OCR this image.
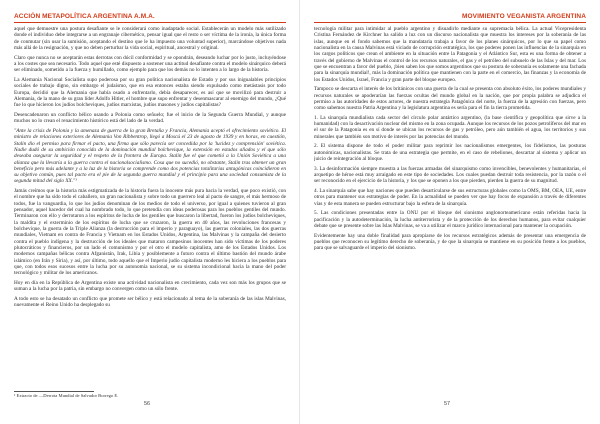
ACCIÓN METAPOLÍTICA ARGENTINA A.M.A.

aquel que demuestre una postura desafiante se le considerará como inadaptado social. Establecerán un modelo más sutilizado donde el individuo debe integrarse a un engranaje cibernético, pensar igual que el resto o ser víctima de la ironía, la única forma de conmutar (sin usar la sumisión, aceptando el destino que le ha impuesto una voluntad superior), marcándose objetivos nada más allá de la resignación, y que no deben perturbar la vida social, espiritual, ancestral y original.

Claro que nunca no se aceptarán estas derrotas con dócil conformidad y se opondrán, deseando luchar por lo justo, incluyéndose a los costes que sea necesario. Todo aquel que esté dispuesto a sostener una actitud desafiante contra el modelo sinárquico deberá ser eliminado, sometido a la fuerza y humillado, como ejemplo para que los demás no lo intenten a lo largo de la historia.

La Alemania Nacional Socialista supo poderosa por su gran política nacionalista de Estado y por sus inigualables principios sociales de trabajo digno, sin embargo el judaísmo, que en esa entonces estaba siendo expulsado como metástasis por todo Europa, decidió que la Alemania que había osado a enfrentarlo, debía desaparecer, es así que se movilizó para destruir a Alemania, de la mano de su gran líder Adolfo Hitler, el hombre que supo enfrentar y desenmascarar al enemigo del mundo, ¿Qué fue lo que hicieron los judíos bolcheviques, judíos marxistas, judíos masones y judíos capitalistas?

Desencadenaron un conflicto bélico usando a Polonia como señuelo; fue el inicio de la Segunda Guerra Mundial, y aunque muchos no lo crean el renacimiento histórico está del lado de la verdad.

"Ante la crisis de Polonia y la amenaza de guerra de la gran Bretaña y Francia, Alemania aceptó el ofrecimiento soviético. El ministro de relaciones exteriores de Alemania Von Ribbentrop, llegó a Moscú el 23 de agosto de 1939 y en horas, en cuestión, Stalin dio el permiso para firmar el pacto, una firma que sólo parecía ser concedida por la 'lucidez y comprensión' soviética. Nadie dudó de su ambición conocida de la dominación mundial bolchevique, la extensión en estados aliados y el que sólo deseaba asegurar la seguridad y el respeto de la frontera de Europa. Stalin fue el que cometió a la Unión Soviética a una alianza que la llevaría a la guerra contra el nacionalsocialismo. Cosa que no sucedió, no obstante, Stalin tras obtener un gran beneficio pero más adelante y a la luz de la historia se comprende como dos potencias totalitarias antagónicas coincidieron en su objetivo común, pues tal pacto era el pie de la segunda guerra mundial y el principio para una sociedad consumista de la segunda mitad del siglo XX."¹

Jamás creímos que la historia más estigmatizada de la historia fuera la inocente más pura hacia la verdad, que poco existió, con el nombre que ha sido todo el caballero, un gran nacionalista y sobre todo un guerrero leal al pacto de sangre, el más hermoso de todos, fue la vanguardia, lo que los judíos denominan de los medios de todo el universo, por igual a quienes tuvieron al gran pensador, aquel hacedor del cual ha nombrado todo, lo que pretendía con ideas poderosas para los pueblos gentiles del mundo. Terminaron con ello y derrotaron a los espíritus de lucha de los gentiles que buscaron la libertad, fueron los judíos bolcheviques, la maldita y el exterminio de los espíritus de lucha que se cruzaron, la guerra en 40 años, las revoluciones francesas y bolchevique, la guerra de la Triple Alianza (la destrucción para el imperio y paraguayo), las guerras coloniales, las dos guerras mundiales, Vietnam en contra de Francia y Vietnam en los Estados Unidos, Argentina, las Malvinas y la campaña del desierto contra el pueblo indígena y la destrucción de los ideales que mataron campesinos inocentes han sido víctimas de los poderes plutocráticos y financieros, por un lado el comunismo y por el otro el modelo capitalista, amo de los Estados Unidos. Los modernos campañas bélicas contra Afganistán, Irak, Libia y posiblemente a futuro contra el último bastión del mundo árabe islámico (en Irán y Siria), y así, por último, todo aquello que el Imperio judío capitalista moderno les hiciera a los pueblos para que, con todos esos sucesos entre la lucha por su autonomía nacional, se su sistema incondicional hacia la mano del poder tecnológico y militar de los americanos.

Hoy en día en la República de Argentina existe una actividad nacionalista en crecimiento, cada vez son más los grupos que se suman a la lucha por la patria, sin embargo no convergen como un sólo frente.

A todo esto se ha desatado un conflicto que promete ser bélico y está relacionado al tema de la soberanía de las islas Malvinas, nuevamente el Reino Unido ha desplegado su

¹ Extracto de —Derrota Mundial de Salvador Borrego E.
56
MOVIMIENTO VEGANISTA ARGENTINA

tecnología militar para intimidar al pueblo argentino y disuadirlo mediante su supremacía bélica. La actual Vicepresidenta Cristina Fernández de Kirchner ha salido a luz con un discurso nacionalista que muestra los intereses por la soberanía de las islas, aunque en el fondo sabemos que la mandataria trabaja a favor de los planes sinárquicos, por lo que su papel como nacionalista en la causa Malvinas está viciado de corrupción estratégica, los que poderes ponen las influencias de la sinarquía en los cargos políticos que crean el ambiente en la situación entre la Patagonia y el Atlántico Sur, esta es una forma de obtener a través del gobierno de Malvinas el control de los recursos naturales, el gas y el petróleo del subsuelo de las Islas y del mar. Los que se encuentran a favor del pueblo, ¡bien saben los que somos argentinos que su postura de soberanía es solamente una fachada para la sinarquía mundial!, más la dominación política que mantienen con la parte en el comercio, las finanzas y la economía de los Estados Unidos, Israel, Francia y gran parte del bloque europeo.

Tampoco se descarta el interés de los británicos con una guerra de la cual se presenta con absoluto éxito, los poderes mundiales y recursos naturales se apoderarían las fuerzas ocultas del mundo global en la nación, que por propia palabra se adjudica el permiso a las autoridades de estos actores, de nuestra estrategia Patagónica del norte, la fuerza de la agresión con fuerzas, pero como sabemos nuestra Patria Argentina y la legislatura argentina es sería para el fin la tierra prometida.

1. La sinarquía mundialista cada sector del círculo polar antártico argentino, (la base científica y geopolítica que sirve a la humanidad) con la desactivación nuclear del mismo en la zona ocupada. Aunque los recursos de los pozos petrolíferos del mar en el sur de la Patagonia es en sí donde se ubican los recursos de gas y petróleo, pero aún también el agua, los territorios y sus minerales que también son motivo de interés por las potencias del mundo.

2. El sistema dispone de todo el poder militar para reprimir los nacionalismos emergentes, los fidelismos, las posturas autonómicas, nacionalistas. Se trata de una estrategia que permite, en el caso de rebeliones, descartar al sistema y aplicar un juicio de reintegración al bloque.

3. La desinformación siempre muestra a las fuerzas armadas del sinarquismo como invencibles, benevolentes y humanitarias, el arquetipo de héroe está muy arraigado en este tipo de sociedades. Los cuales puedan destruir toda resistencia, por la razón o el ser reconocido en el ejercicio de la historia, y los que se oponen a los que pierden, pierden la guerra de su magnitud.

4. La sinarquía sabe que hay naciones que pueden desarticularse de sus estructuras globales como la OMS, BM, OEA, UE, entre otros para mantener sus estrategias de poder. En la actualidad se pueden ver que hay focos de expansión a través de diferentes vías y de esta manera se pueden estructurar bajo la esfera de la sinarquía.

5. Las condiciones presentadas entre la ONU por el bloque del sionismo anglonorteamericano están referidas hacia la pacificación y la autodeterminación, la lucha antiterrorista y de la protección de los derechos humanos, para evitar cualquier debate que se presente sobre las Islas Malvinas, se va a utilizar el marco jurídico internacional para mantener la ocupación.

Evidentemente hay una doble finalidad para apropiarse de los recursos estratégicos además de presentar una emergencia de pueblos que reconocen su legítimo derecho de soberanía, y de que la sinarquía se mantiene en su posición frente a los pueblos, para que se salvaguarde el imperio del sionismo.

57
